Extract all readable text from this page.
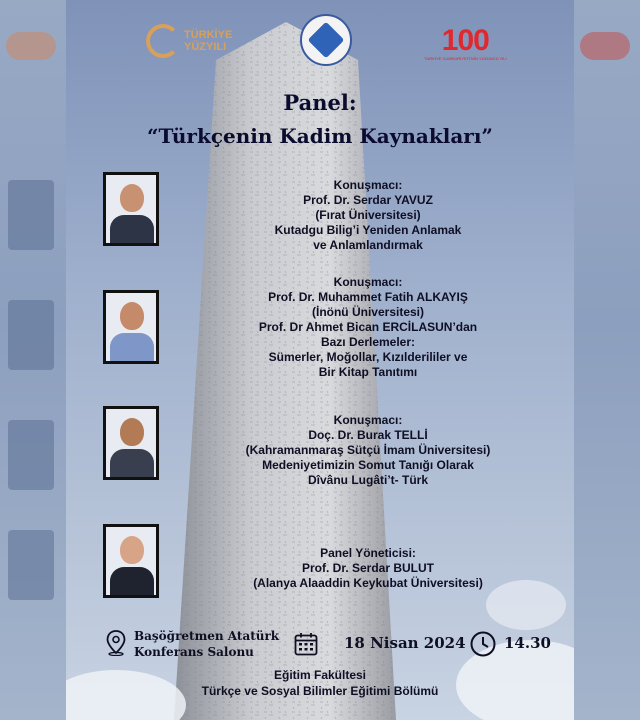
TÜRKİYE
YÜZYILI	100
TÜRKİYE CUMHURİYETİ'NİN YÜZÜNCÜ YILI
Panel:
“Türkçenin Kadim Kaynakları”
Konuşmacı:
Prof. Dr. Serdar YAVUZ
(Fırat Üniversitesi)
Kutadgu Bilig’i Yeniden Anlamak
ve Anlamlandırmak
Konuşmacı:
Prof. Dr. Muhammet Fatih ALKAYIŞ
(İnönü Üniversitesi)
Prof. Dr Ahmet Bican ERCİLASUN’dan
Bazı Derlemeler:
Sümerler, Moğollar, Kızılderililer ve
Bir Kitap Tanıtımı
Konuşmacı:
Doç. Dr. Burak TELLİ
(Kahramanmaraş Sütçü İmam Üniversitesi)
Medeniyetimizin Somut Tanığı Olarak
Dîvânu Lugâti’t- Türk
Panel Yöneticisi:
Prof. Dr. Serdar BULUT
(Alanya Alaaddin Keykubat Üniversitesi)
Başöğretmen Atatürk
Konferans Salonu	18 Nisan 2024	14.30
Eğitim Fakültesi
Türkçe ve Sosyal Bilimler Eğitimi Bölümü
